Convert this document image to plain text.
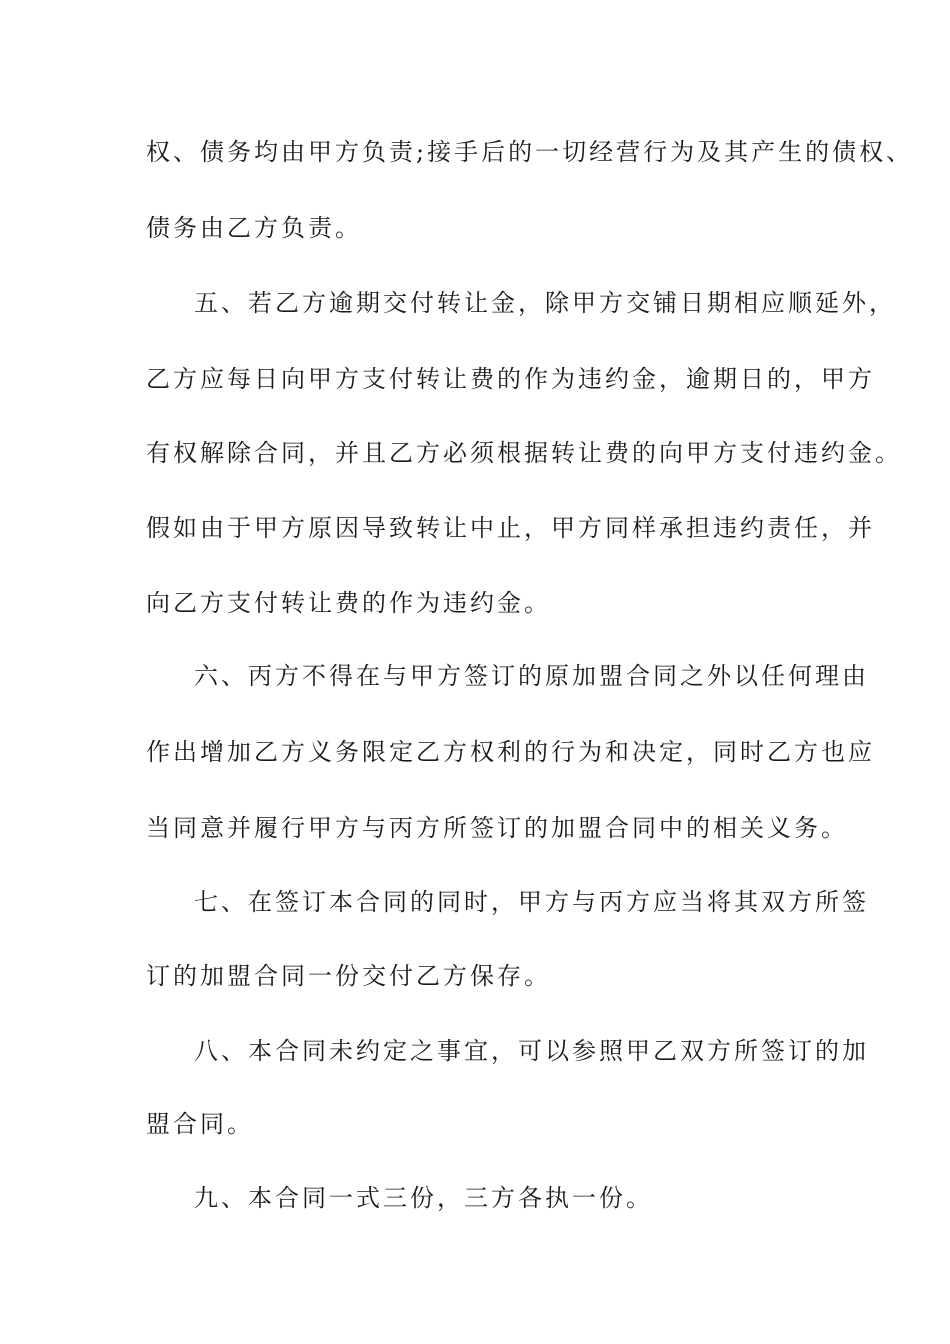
权、债务均由甲方负责;接手后的一切经营行为及其产生的债权、
债务由乙方负责。
五、若乙方逾期交付转让金，除甲方交铺日期相应顺延外，
乙方应每日向甲方支付转让费的作为违约金，逾期日的，甲方
有权解除合同，并且乙方必须根据转让费的向甲方支付违约金。
假如由于甲方原因导致转让中止，甲方同样承担违约责任，并
向乙方支付转让费的作为违约金。
六、丙方不得在与甲方签订的原加盟合同之外以任何理由
作出增加乙方义务限定乙方权利的行为和决定，同时乙方也应
当同意并履行甲方与丙方所签订的加盟合同中的相关义务。
七、在签订本合同的同时，甲方与丙方应当将其双方所签
订的加盟合同一份交付乙方保存。
八、本合同未约定之事宜，可以参照甲乙双方所签订的加
盟合同。
九、本合同一式三份，三方各执一份。
